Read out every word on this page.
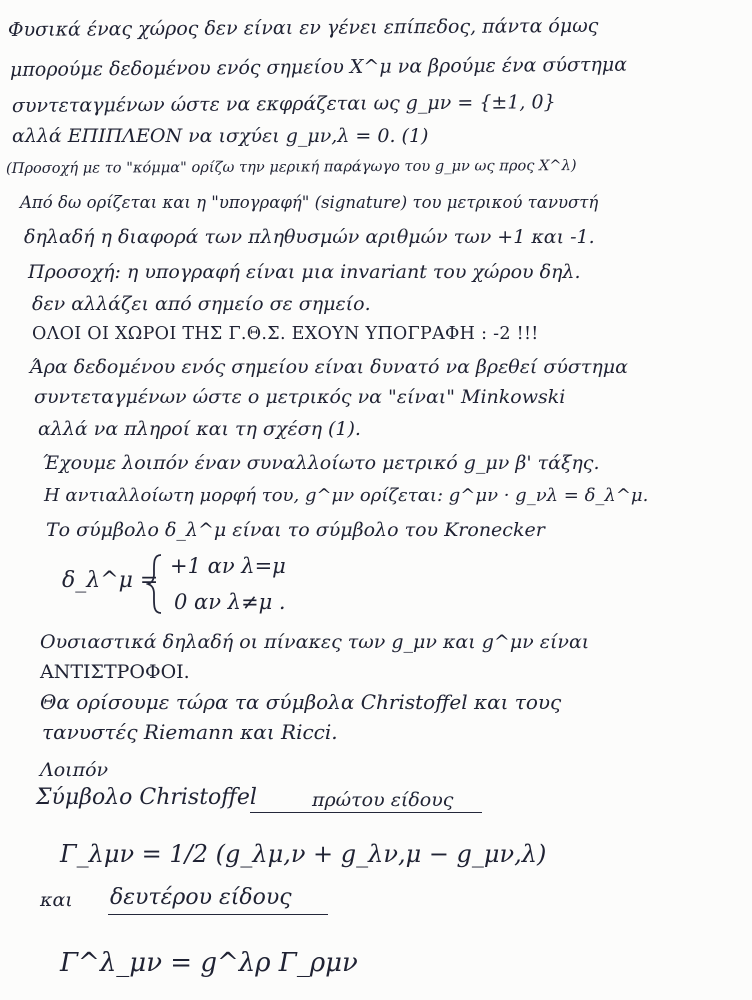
Φυσικά ένας χώρος δεν είναι εν γένει επίπεδος, πάντα όμως
μπορούμε δεδομένου ενός σημείου X^μ να βρούμε ένα σύστημα
συντεταγμένων ώστε να εκφράζεται ως g_μν = {±1, 0}
αλλά ΕΠΙΠΛΕΟΝ να ισχύει g_μν,λ = 0. (1)
(Προσοχή με το "κόμμα" ορίζω την μερική παράγωγο του g_μν ως προς X^λ)
Από δω ορίζεται και η "υπογραφή" (signature) του μετρικού τανυστή
δηλαδή η διαφορά των πληθυσμών αριθμών των +1 και -1.
Προσοχή: η υπογραφή είναι μια invariant του χώρου δηλ.
δεν αλλάζει από σημείο σε σημείο.
ΟΛΟΙ ΟΙ ΧΩΡΟΙ ΤΗΣ Γ.Θ.Σ. ΕΧΟΥΝ ΥΠΟΓΡΑΦΗ : -2 !!!
Άρα δεδομένου ενός σημείου είναι δυνατό να βρεθεί σύστημα
συντεταγμένων ώστε ο μετρικός να "είναι" Minkowski
αλλά να πληροί και τη σχέση (1).
Έχουμε λοιπόν έναν συναλλοίωτο μετρικό g_μν β' τάξης.
Η αντιαλλοίωτη μορφή του, g^μν ορίζεται: g^μν · g_νλ = δ_λ^μ.
Το σύμβολο δ_λ^μ είναι το σύμβολο του Kronecker
δ_λ^μ =
+1 αν λ=μ
0 αν λ≠μ .
Ουσιαστικά δηλαδή οι πίνακες των g_μν και g^μν είναι
ΑΝΤΙΣΤΡΟΦΟΙ.
Θα ορίσουμε τώρα τα σύμβολα Christoffel και τους
τανυστές Riemann και Ricci.
Λοιπόν
Σύμβολο Christoffel	πρώτου είδους
Γ_λμν = 1/2 (g_λμ,ν + g_λν,μ − g_μν,λ)
και δευτέρου είδους
Γ^λ_μν = g^λρ Γ_ρμν
